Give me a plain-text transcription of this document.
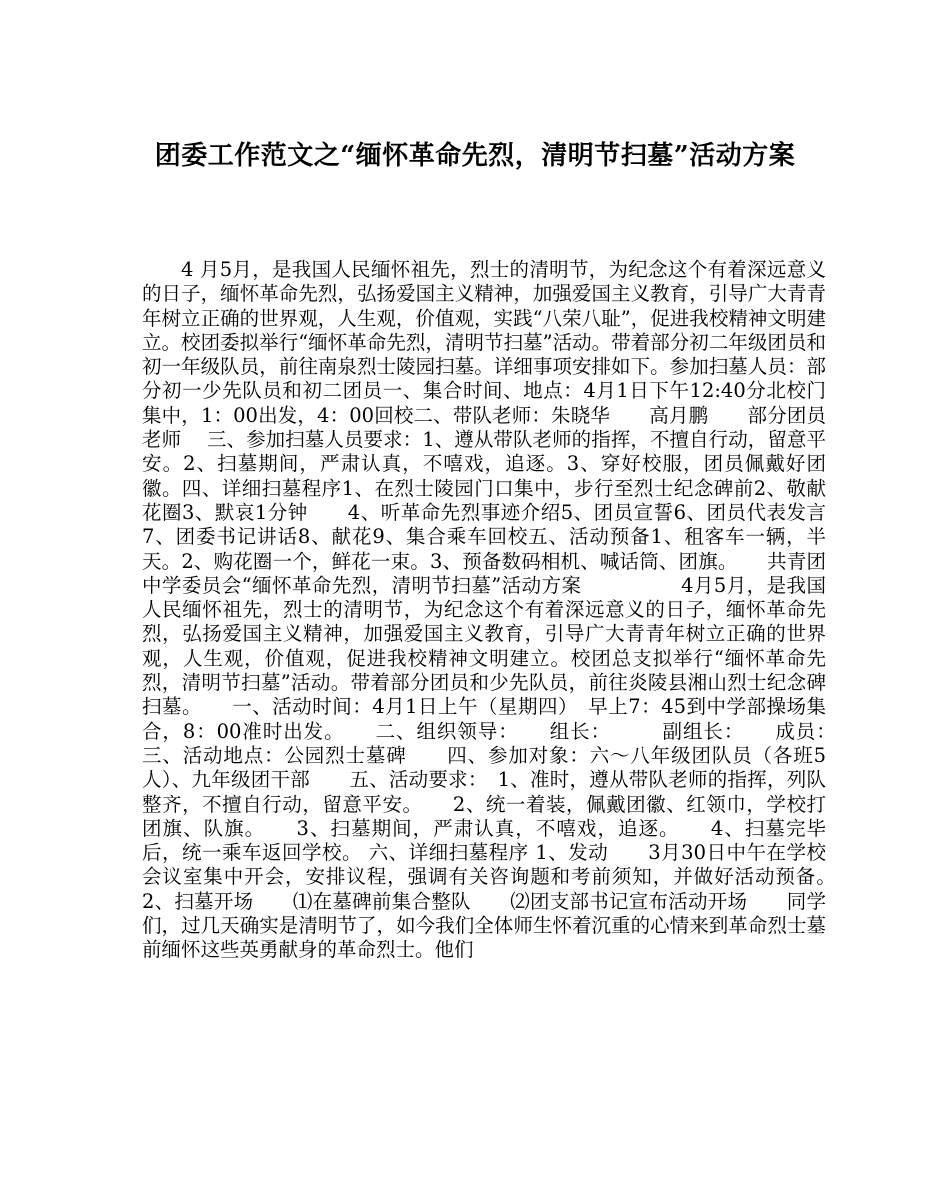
团委工作范文之“缅怀革命先烈，清明节扫墓”活动方案

4 月5月，是我国人民缅怀祖先，烈士的清明节，为纪念这个有着深远意义的日子，缅怀革命先烈，弘扬爱国主义精神，加强爱国主义教育，引导广大青青年树立正确的世界观，人生观，价值观，实践“八荣八耻”，促进我校精神文明建立。校团委拟举行“缅怀革命先烈，清明节扫墓”活动。带着部分初二年级团员和初一年级队员，前往南泉烈士陵园扫墓。详细事项安排如下。参加扫墓人员：部分初一少先队员和初二团员一、集合时间、地点：4月1日下午12:40分北校门集中，1：00出发，4：00回校二、带队老师：朱晓华　　高月鹏　　部分团员老师　 三、参加扫墓人员要求：1、遵从带队老师的指挥，不擅自行动，留意平安。2、扫墓期间，严肃认真，不嘻戏，追逐。3、穿好校服，团员佩戴好团徽。四、详细扫墓程序1、在烈士陵园门口集中，步行至烈士纪念碑前2、敬献花圈3、默哀1分钟　　4、听革命先烈事迹介绍5、团员宣誓6、团员代表发言7、团委书记讲话8、献花9、集合乘车回校五、活动预备1、租客车一辆，半天。2、购花圈一个，鲜花一束。3、预备数码相机、喊话筒、团旗。　　共青团中学委员会“缅怀革命先烈，清明节扫墓”活动方案　　　　　4月5月，是我国人民缅怀祖先，烈士的清明节，为纪念这个有着深远意义的日子，缅怀革命先烈，弘扬爱国主义精神，加强爱国主义教育，引导广大青青年树立正确的世界观，人生观，价值观，促进我校精神文明建立。校团总支拟举行“缅怀革命先烈，清明节扫墓”活动。带着部分团员和少先队员，前往炎陵县湘山烈士纪念碑扫墓。　　一、活动时间：4月1日上午（星期四）　早上7：45到中学部操场集合，8：00准时出发。　　二、组织领导：　　组长：　　　副组长：　　成员：　　　　三、活动地点：公园烈士墓碑　　四、参加对象：六～八年级团队员（各班5人）、九年级团干部　　五、活动要求：　1、准时，遵从带队老师的指挥，列队整齐，不擅自行动，留意平安。　　2、统一着装，佩戴团徽、红领巾，学校打团旗、队旗。　　3、扫墓期间，严肃认真，不嘻戏，追逐。　　4、扫墓完毕后，统一乘车返回学校。 六、详细扫墓程序 1、发动　　3月30日中午在学校会议室集中开会，安排议程，强调有关咨询题和考前须知，并做好活动预备。　　2、扫墓开场　　⑴在墓碑前集合整队　　⑵团支部书记宣布活动开场　　同学们，过几天确实是清明节了，如今我们全体师生怀着沉重的心情来到革命烈士墓前缅怀这些英勇献身的革命烈士。他们
